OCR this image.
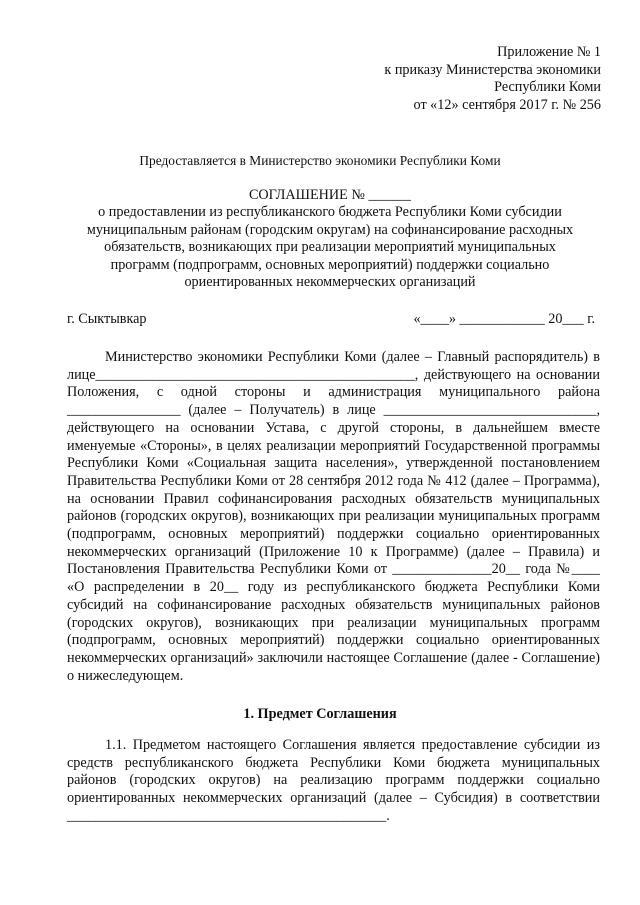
Приложение № 1
к приказу Министерства экономики
Республики Коми
от «12» сентября 2017 г. № 256
Предоставляется в Министерство экономики Республики Коми
СОГЛАШЕНИЕ № ______
о предоставлении из республиканского бюджета Республики Коми субсидии
муниципальным районам (городским округам) на софинансирование расходных
обязательств, возникающих при реализации мероприятий муниципальных
программ (подпрограмм, основных мероприятий) поддержки социально
ориентированных некоммерческих организаций
г. Сыктывкар	«____» ____________ 20___ г.

Министерство экономики Республики Коми (далее – Главный распорядитель) в лице_____________________________________________, действующего на основании Положения, с одной стороны и администрация муниципального района ________________ (далее – Получатель) в лице ______________________________, действующего на основании Устава, с другой стороны, в дальнейшем вместе именуемые «Стороны», в целях реализации мероприятий Государственной программы Республики Коми «Социальная защита населения», утвержденной постановлением Правительства Республики Коми от 28 сентября 2012 года № 412 (далее – Программа), на основании Правил софинансирования расходных обязательств муниципальных районов (городских округов), возникающих при реализации муниципальных программ (подпрограмм, основных мероприятий) поддержки социально ориентированных некоммерческих организаций (Приложение 10 к Программе) (далее – Правила) и Постановления Правительства Республики Коми от ______________20__ года №____ «О распределении в 20__ году из республиканского бюджета Республики Коми субсидий на софинансирование расходных обязательств муниципальных районов (городских округов), возникающих при реализации муниципальных программ (подпрограмм, основных мероприятий) поддержки социально ориентированных некоммерческих организаций» заключили настоящее Соглашение (далее - Соглашение) о нижеследующем.

1. Предмет Соглашения

1.1. Предметом настоящего Соглашения является предоставление субсидии из средств республиканского бюджета Республики Коми бюджета муниципальных районов (городских округов) на реализацию программ поддержки социально ориентированных некоммерческих организаций (далее – Субсидия) в соответствии _____________________________________________.
